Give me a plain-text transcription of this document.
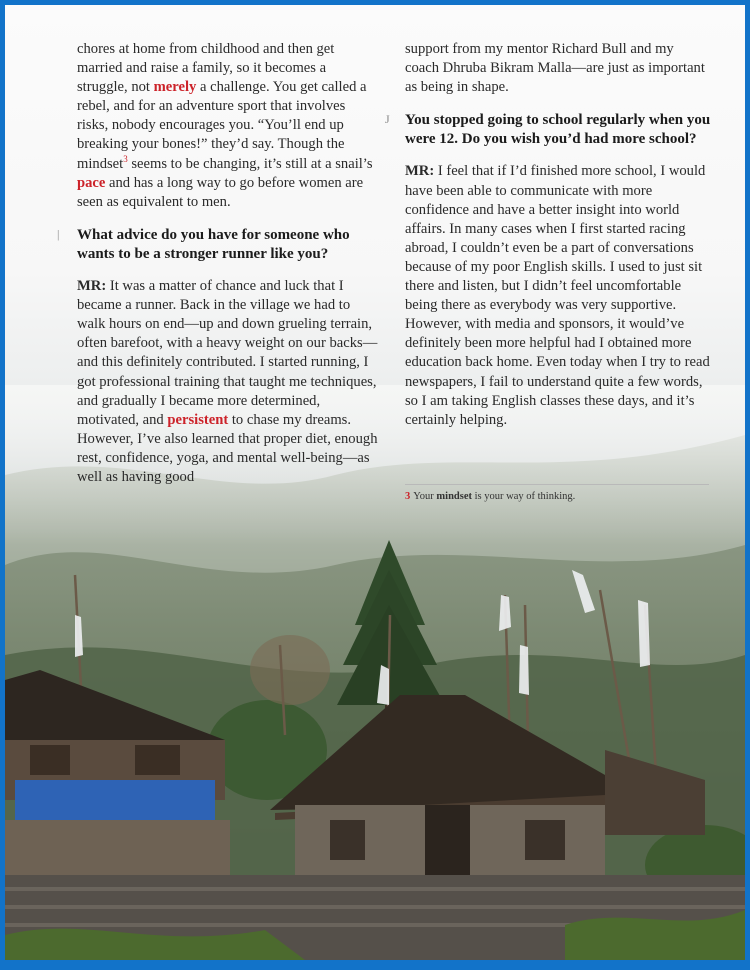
chores at home from childhood and then get married and raise a family, so it becomes a struggle, not merely a challenge. You get called a rebel, and for an adventure sport that involves risks, nobody encourages you. “You’ll end up breaking your bones!” they’d say. Though the mindset$^3$ seems to be changing, it’s still at a snail’s pace and has a long way to go before women are seen as equivalent to men.

| What advice do you have for someone who wants to be a stronger runner like you?

MR: It was a matter of chance and luck that I became a runner. Back in the village we had to walk hours on end—up and down grueling terrain, often barefoot, with a heavy weight on our backs—and this definitely contributed. I started running, I got professional training that taught me techniques, and gradually I became more determined, motivated, and persistent to chase my dreams. However, I’ve also learned that proper diet, enough rest, confidence, yoga, and mental well-being—as well as having good

support from my mentor Richard Bull and my coach Dhruba Bikram Malla—are just as important as being in shape.

J You stopped going to school regularly when you were 12. Do you wish you’d had more school?

MR: I feel that if I’d finished more school, I would have been able to communicate with more confidence and have a better insight into world affairs. In many cases when I first started racing abroad, I couldn’t even be a part of conversations because of my poor English skills. I used to just sit there and listen, but I didn’t feel uncomfortable being there as everybody was very supportive. However, with media and sponsors, it would’ve definitely been more helpful had I obtained more education back home. Even today when I try to read newspapers, I fail to understand quite a few words, so I am taking English classes these days, and it’s certainly helping.

3 Your mindset is your way of thinking.
